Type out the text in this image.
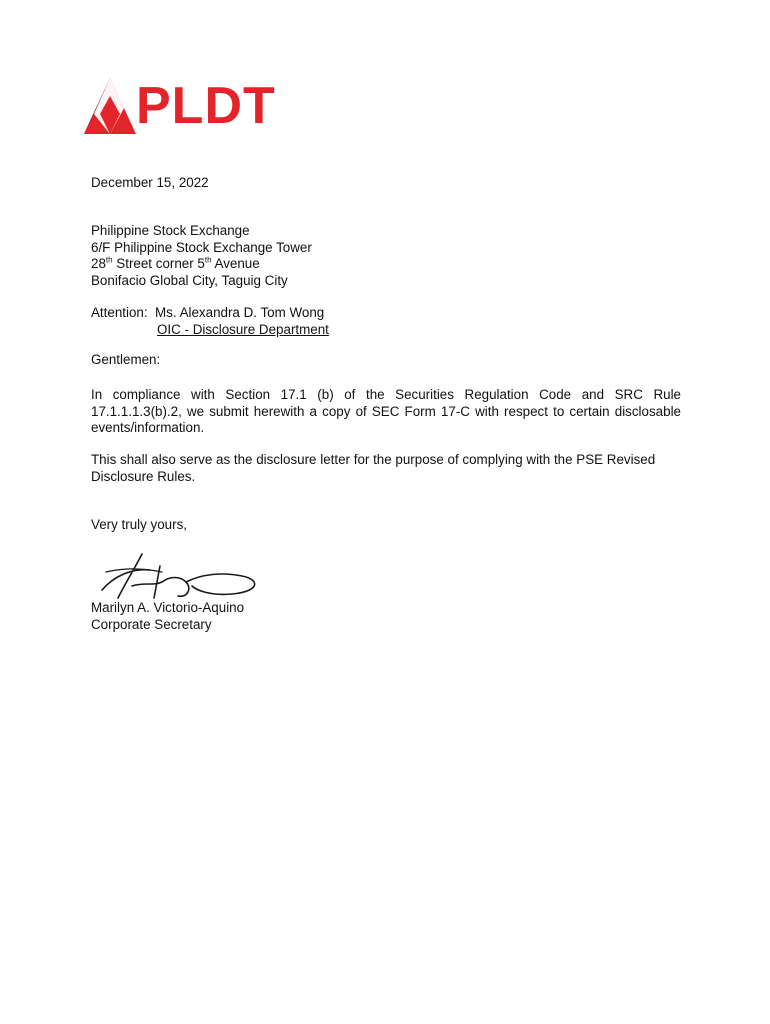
PLDT
December 15, 2022
Philippine Stock Exchange
6/F Philippine Stock Exchange Tower
28th Street corner 5th Avenue
Bonifacio Global City, Taguig City
Attention:  Ms. Alexandra D. Tom Wong
OIC - Disclosure Department
Gentlemen:
In compliance with Section 17.1 (b) of the Securities Regulation Code and SRC Rule 17.1.1.1.3(b).2, we submit herewith a copy of SEC Form 17-C with respect to certain disclosable events/information.
This shall also serve as the disclosure letter for the purpose of complying with the PSE Revised Disclosure Rules.
Very truly yours,
Marilyn A. Victorio-Aquino
Corporate Secretary
